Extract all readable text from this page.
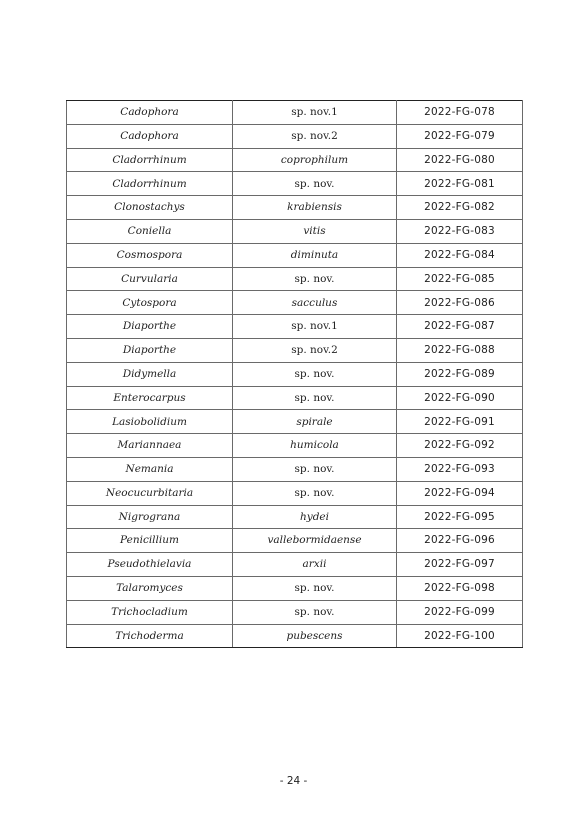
Cadophora	sp. nov.1	2022-FG-078
Cadophora	sp. nov.2	2022-FG-079
Cladorrhinum	coprophilum	2022-FG-080
Cladorrhinum	sp. nov.	2022-FG-081
Clonostachys	krabiensis	2022-FG-082
Coniella	vitis	2022-FG-083
Cosmospora	diminuta	2022-FG-084
Curvularia	sp. nov.	2022-FG-085
Cytospora	sacculus	2022-FG-086
Diaporthe	sp. nov.1	2022-FG-087
Diaporthe	sp. nov.2	2022-FG-088
Didymella	sp. nov.	2022-FG-089
Enterocarpus	sp. nov.	2022-FG-090
Lasiobolidium	spirale	2022-FG-091
Mariannaea	humicola	2022-FG-092
Nemania	sp. nov.	2022-FG-093
Neocucurbitaria	sp. nov.	2022-FG-094
Nigrograna	hydei	2022-FG-095
Penicillium	vallebormidaense	2022-FG-096
Pseudothielavia	arxii	2022-FG-097
Talaromyces	sp. nov.	2022-FG-098
Trichocladium	sp. nov.	2022-FG-099
Trichoderma	pubescens	2022-FG-100
- 24 -
